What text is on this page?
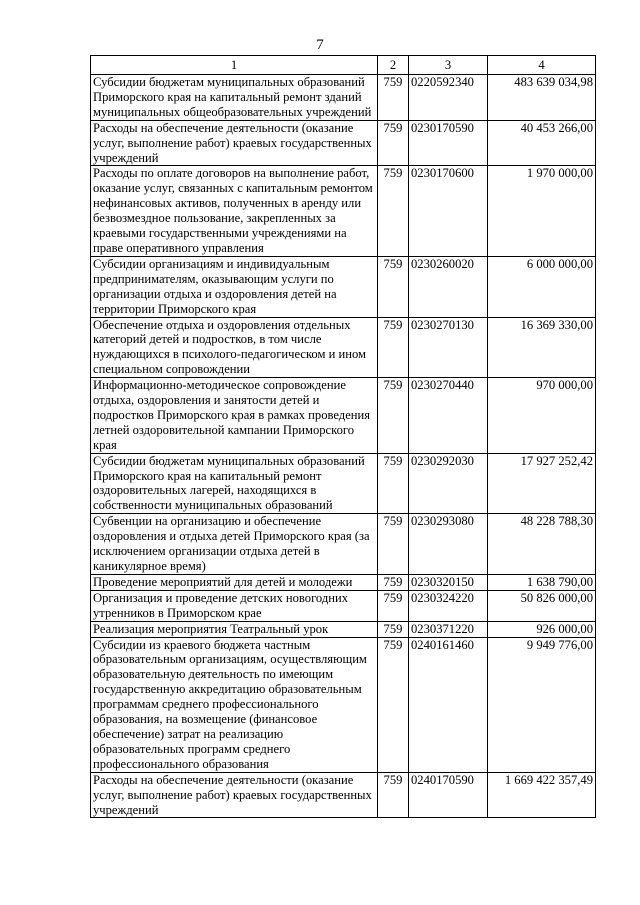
7
1	2	3	4
Субсидии бюджетам муниципальных образований Приморского края на капитальный ремонт зданий муниципальных общеобразовательных учреждений	759	0220592340	483 639 034,98
Расходы на обеспечение деятельности (оказание услуг, выполнение работ) краевых государственных учреждений	759	0230170590	40 453 266,00
Расходы по оплате договоров на выполнение работ, оказание услуг, связанных с капитальным ремонтом нефинансовых активов, полученных в аренду или безвозмездное пользование, закрепленных за краевыми государственными учреждениями на праве оперативного управления	759	0230170600	1 970 000,00
Субсидии организациям и индивидуальным предпринимателям, оказывающим услуги по организации отдыха и оздоровления детей на территории Приморского края	759	0230260020	6 000 000,00
Обеспечение отдыха и оздоровления отдельных категорий детей и подростков, в том числе нуждающихся в психолого-педагогическом и ином специальном сопровождении	759	0230270130	16 369 330,00
Информационно-методическое сопровождение отдыха, оздоровления и занятости детей и подростков Приморского края в рамках проведения летней оздоровительной кампании Приморского края	759	0230270440	970 000,00
Субсидии бюджетам муниципальных образований Приморского края на капитальный ремонт оздоровительных лагерей, находящихся в собственности муниципальных образований	759	0230292030	17 927 252,42
Субвенции на организацию и обеспечение оздоровления и отдыха детей Приморского края (за исключением организации отдыха детей в каникулярное время)	759	0230293080	48 228 788,30
Проведение мероприятий для детей и молодежи	759	0230320150	1 638 790,00
Организация и проведение детских новогодних утренников в Приморском крае	759	0230324220	50 826 000,00
Реализация мероприятия Театральный урок	759	0230371220	926 000,00
Субсидии из краевого бюджета частным образовательным организациям, осуществляющим образовательную деятельность по имеющим государственную аккредитацию образовательным программам среднего профессионального образования, на возмещение (финансовое обеспечение) затрат на реализацию образовательных программ среднего профессионального образования	759	0240161460	9 949 776,00
Расходы на обеспечение деятельности (оказание услуг, выполнение работ) краевых государственных учреждений	759	0240170590	1 669 422 357,49
